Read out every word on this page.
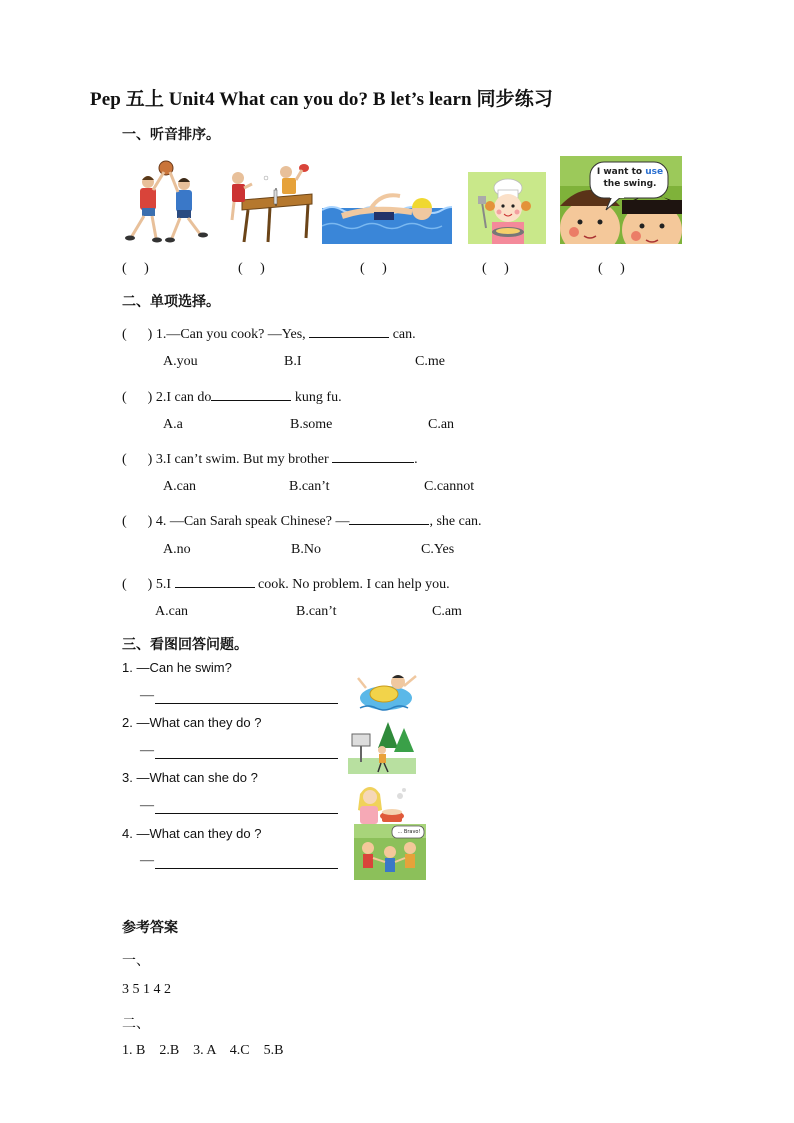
Pep 五上 Unit4 What can you do? B let’s learn 同步练习
一、听音排序。
I want to use
the swing.
(     )	(     )	(     )	(     )	(     )
二、单项选择。
(      ) 1.—Can you cook? —Yes,	can.
A.you	B.I	C.me
(      ) 2.I can do	kung fu.
A.a	B.some	C.an
(      ) 3.I can’t swim. But my brother	.
A.can	B.can’t	C.cannot
(      ) 4. —Can Sarah speak Chinese? —	, she can.
A.no	B.No	C.Yes
(      ) 5.I	cook. No problem. I can help you.
A.can	B.can’t	C.am
三、看图回答问题。
1. —Can he swim?
—
2. —What can they do ?
—
3. —What can she do ?
—
4. —What can they do ?
—
... Bravo!
参考答案
一、
3 5 1 4 2
二、
1. B    2.B    3. A    4.C    5.B
